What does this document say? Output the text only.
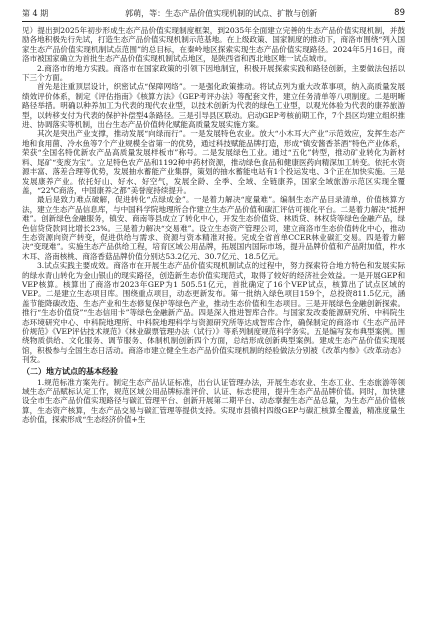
第 4 期	郭萌，等：生态产品价值实现机制的试点、扩散与创新	89

见）提出到2025年初步形成生态产品价值实现制度框架，到2035年全面建立完善的生态产品价值实现机制，并鼓励各地积极先行先试，打造生态产品价值实现机制示范基地。在上级政策、国家制度的推动下，商洛市围绕“列入国家生态产品价值实现机制试点范围”的总目标，在秦岭地区探索实现生态产品价值实现路径。2024年5月16日，商洛市被国家确立为首批生态产品价值实现机制试点地区，是陕西省和西北地区唯一试点城市。

2.商洛市的地方实践。商洛市在国家政策的引领下因地制宜，积极开展探索实践和路径创新，主要做法包括以下三个方面。

首先是注重顶层设计，织密试点“保障网络”。一是强化政策推动。将试点列为重大改革事项，纳入高质量发展绩效评价体系，制定《评估指南》《核算方法》《GEP考评办法》等配套文件，建立任务清单等八项制度。二是明晰路径举措。明确以种养加工为代表的现代农业型，以技术创新为代表的绿色工业型，以观光体验为代表的康养旅游型，以转移支付为代表的保护补偿型4条路径。三是引导县区联动。启动GEP考核前期工作，7个县区均建立组织推进、协调落实等机制，出台生态产品价值转化赋能高质量发展实施方案。

其次是突出产业支撑，推动发展“向绿而行”。一是发展特色农业。放大“小木耳大产业”示范效应，发挥生态产地和食用菌、冷水鱼等7个产业规模全省第一的优势，通过科技赋能品牌打造，形成“镇安酱香茶酒”特色产业体系，荣获“全国名特优新农产品高质量发展样板市”称号。二是发展绿色工业。通过“五化”转型，推动矿业转化为新材料、尾矿“变废为宝”。立足特色农产品和1192种中药材资源，推动绿色食品和健康医药向精深加工转变。依托水资源丰富、落差合理等优势，发展抽水蓄能产业集群，策划的抽水蓄能电站有1个投运发电、3个正在加快实施。三是发展康养产业。依托好山、好水、好空气，发展全龄、全季、全域、全链康养，国家全域旅游示范区实现全覆盖，“22℃商洛，中国康养之都”美誉度持续提升。

最后是致力难点破解，促进转化“点绿成金”。一是着力解决“度量难”。编制生态产品目录清单，价值核算方法，建立生态产品信息库，与中国科学院地理所合作建立生态产品价值和碳汇评估可视化平台。二是着力解决“抵押难”。创新绿色金融服务，镇安、商南等县成立了转化中心，开发生态价值贷、林质贷、林权贷等绿色金融产品，绿色信贷贷款同比增长23%。三是着力解决“交易难”。设立生态资产管理公司，建立商洛市生态价值转化中心，推动生态资源向资产转变，促进供给与需求、资源与资本精准对接。完成全省首单CCER林业碳汇交易。四是着力解决“变现难”。实施生态产品供给工程，培育区域公用品牌，拓展国内国际市场，提升品牌价值和产品附加值，柞水木耳、洛南核桃、商洛香菇品牌价值分别达53.2亿元、30.7亿元、18.5亿元。

3.试点实践主要成效。商洛市在开展生态产品价值实现机制试点的过程中，努力探索符合地方特色和发展实际的绿水青山转化为金山银山的现实路径，创造新生态价值实现范式，取得了较好的经济社会效益。一是开展GEP和VEP核算。核算出了商洛市2023年GEP为1 505.51亿元，首批确定了16个VEP试点，核算出了试点区域的VEP。二是建立生态项目库。围绕重点项目，动态更新发布。第一批纳入绿色项目159个，总投资811.5亿元，涵盖节能降碳改造、生态产业和生态修复保护等绿色产业，推动生态价值和生态项目。三是开展绿色金融创新探索。推行“生态价值贷”“生态信用卡”等绿色金融新产品。四是深入推进智库合作。与国家发改委能源研究所、中科院生态环境研究中心、中科院地理所、中科院地理科学与资源研究所等达成智库合作，确保制定的商洛市《生态产品评价规范》《VEP评估技术规范》《林业碳票管理办法（试行）》等系列制度规范科学务实。五是编写发布典型案例。围绕物质供给、文化服务、调节服务、体制机制创新四个方面，总结形成创新典型案例。建成生态产品价值实现展馆，积极参与全国生态日活动。商洛市建立健全生态产品价值实现机制的经验做法分别被《改革内参》《改革动态》刊发。

（二）地方试点的基本经验

1.规范标准方案先行。制定生态产品认证标准，出台认证管理办法，开展生态农业、生态工业、生态旅游等领域生态产品赋标认定工作，规范区域公用品牌标准评价、认证、标志使用，提升生态产品品牌价值。同时，加快建设全市生态产品价值实现路径与碳汇管理平台、创新开展第二期平台、动态掌握生态产品总量，为生态产品价值核算，生态资产核算，生态产品交易与碳汇管理等提供支持。实现市县镇村四级GEP与碳汇核算全覆盖，精准度量生态价值，探索形成“生态经济价值+生
